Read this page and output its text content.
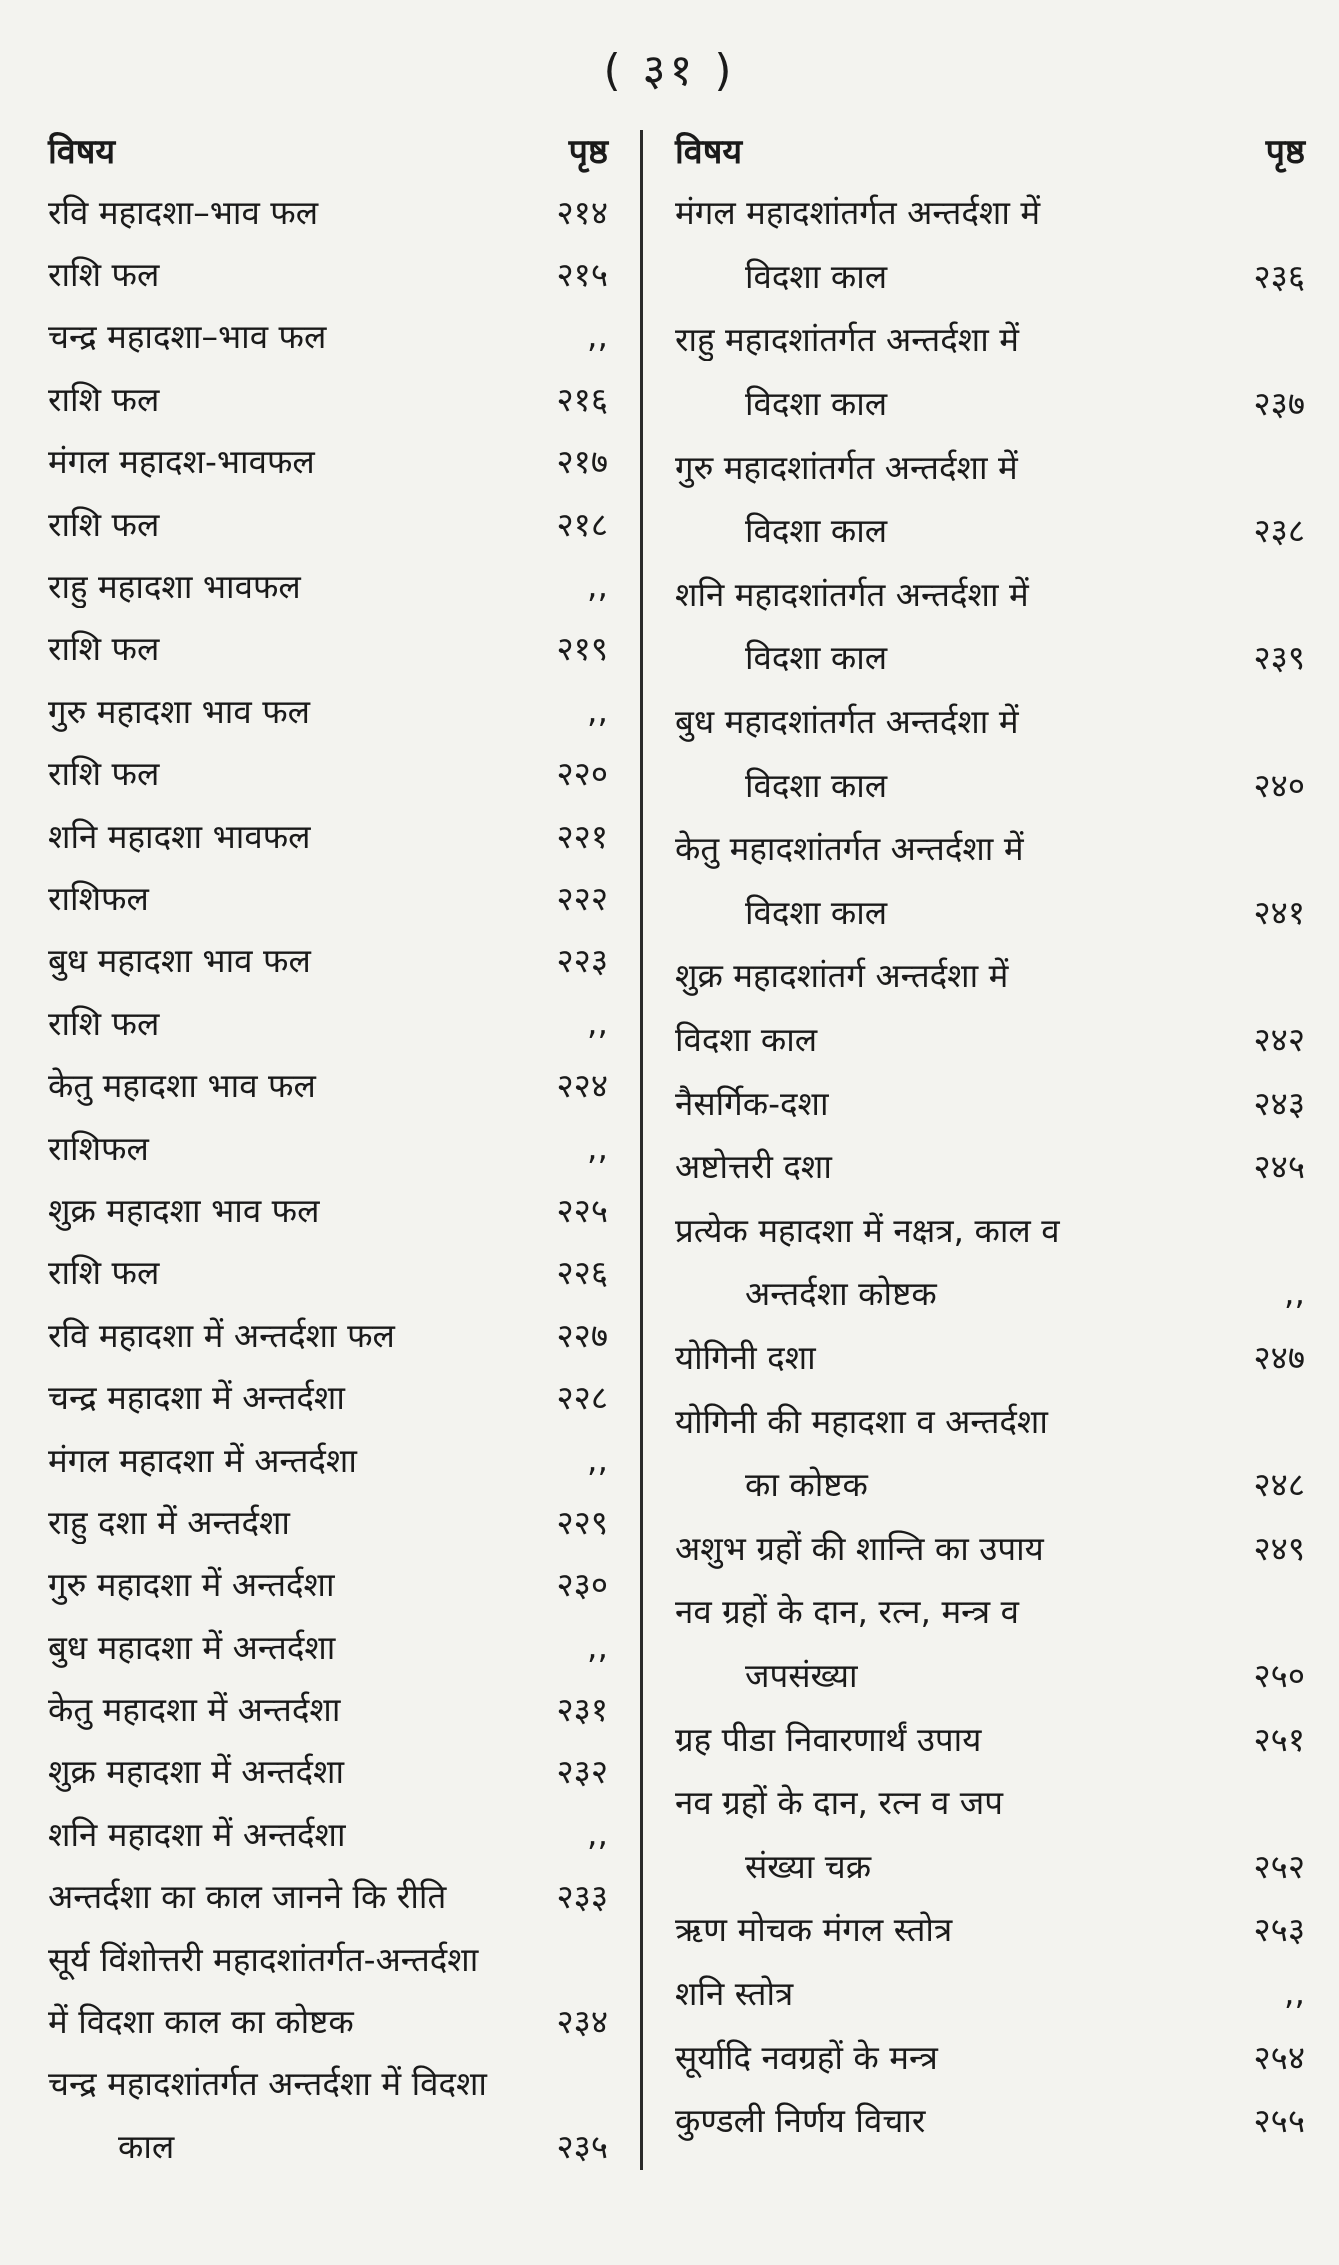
( ३१ )
विषय	पृष्ठ
रवि महादशा–भाव फल	२१४
राशि फल	२१५
चन्द्र महादशा–भाव फल	,,
राशि फल	२१६
मंगल महादश-भावफल	२१७
राशि फल	२१८
राहु महादशा भावफल	,,
राशि फल	२१९
गुरु महादशा भाव फल	,,
राशि फल	२२०
शनि महादशा भावफल	२२१
राशिफल	२२२
बुध महादशा भाव फल	२२३
राशि फल	,,
केतु महादशा भाव फल	२२४
राशिफल	,,
शुक्र महादशा भाव फल	२२५
राशि फल	२२६
रवि महादशा में अन्तर्दशा फल	२२७
चन्द्र महादशा में अन्तर्दशा	२२८
मंगल महादशा में अन्तर्दशा	,,
राहु दशा में अन्तर्दशा	२२९
गुरु महादशा में अन्तर्दशा	२३०
बुध महादशा में अन्तर्दशा	,,
केतु महादशा में अन्तर्दशा	२३१
शुक्र महादशा में अन्तर्दशा	२३२
शनि महादशा में अन्तर्दशा	,,
अन्तर्दशा का काल जानने कि रीति	२३३
सूर्य विंशोत्तरी महादशांतर्गत-अन्तर्दशा
में विदशा काल का कोष्टक	२३४
चन्द्र महादशांतर्गत अन्तर्दशा में विदशा
काल	२३५
विषय	पृष्ठ
मंगल महादशांतर्गत अन्तर्दशा में
विदशा काल	२३६
राहु महादशांतर्गत अन्तर्दशा में
विदशा काल	२३७
गुरु महादशांतर्गत अन्तर्दशा में
विदशा काल	२३८
शनि महादशांतर्गत अन्तर्दशा में
विदशा काल	२३९
बुध महादशांतर्गत अन्तर्दशा में
विदशा काल	२४०
केतु महादशांतर्गत अन्तर्दशा में
विदशा काल	२४१
शुक्र महादशांतर्ग अन्तर्दशा में
विदशा काल	२४२
नैसर्गिक-दशा	२४३
अष्टोत्तरी दशा	२४५
प्रत्येक महादशा में नक्षत्र, काल व
अन्तर्दशा कोष्टक	,,
योगिनी दशा	२४७
योगिनी की महादशा व अन्तर्दशा
का कोष्टक	२४८
अशुभ ग्रहों की शान्ति का उपाय	२४९
नव ग्रहों के दान, रत्न, मन्त्र व
जपसंख्या	२५०
ग्रह पीडा निवारणार्थं उपाय	२५१
नव ग्रहों के दान, रत्न व जप
संख्या चक्र	२५२
ऋण मोचक मंगल स्तोत्र	२५३
शनि स्तोत्र	,,
सूर्यादि नवग्रहों के मन्त्र	२५४
कुण्डली निर्णय विचार	२५५
